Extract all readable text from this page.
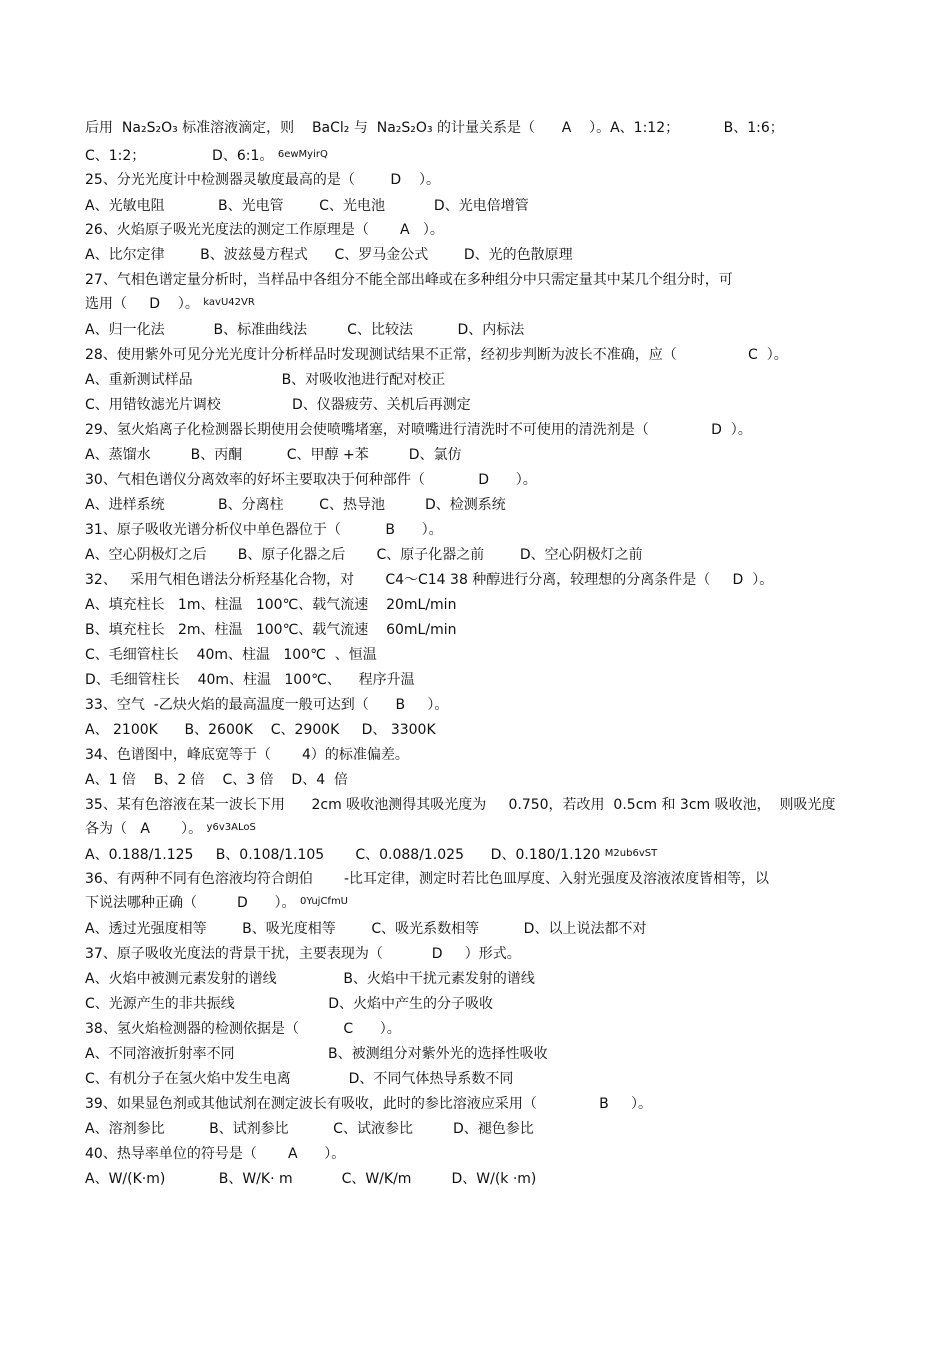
后用  Na₂S₂O₃ 标准溶液滴定，则    BaCl₂ 与  Na₂S₂O₃ 的计量关系是（      A    ）。A、1:12；          B、1:6；
C、1:2；               D、6:1。 $^{6ewMyirQ}$
25、分光光度计中检测器灵敏度最高的是（        D    ）。
A、光敏电阻            B、光电管        C、光电池           D、光电倍增管
26、火焰原子吸光光度法的测定工作原理是（       A   ）。
A、比尔定律        B、波兹曼方程式      C、罗马金公式        D、光的色散原理
27、气相色谱定量分析时，当样品中各组分不能全部出峰或在多种组分中只需定量其中某几个组分时，可
选用（     D    ）。 $^{kavU42VR}$
A、归一化法           B、标准曲线法         C、比较法          D、内标法
28、使用紫外可见分光光度计分析样品时发现测试结果不正常，经初步判断为波长不准确，应（                C  ）。
A、重新测试样品                    B、对吸收池进行配对校正
C、用错钕滤光片调校                D、仪器疲劳、关机后再测定
29、氢火焰离子化检测器长期使用会使喷嘴堵塞，对喷嘴进行清洗时不可使用的清洗剂是（              D  ）。
A、蒸馏水         B、丙酮          C、甲醇 +苯         D、氯仿
30、气相色谱仪分离效率的好坏主要取决于何种部件（            D      ）。
A、进样系统            B、分离柱        C、热导池         D、检测系统
31、原子吸收光谱分析仪中单色器位于（          B      ）。
A、空心阴极灯之后       B、原子化器之后       C、原子化器之前        D、空心阴极灯之前
32、   采用气相色谱法分析羟基化合物，对       C4～C14 38 种醇进行分离，较理想的分离条件是（     D  ）。
A、填充柱长   1m、柱温   100℃、载气流速    20mL/min
B、填充柱长   2m、柱温   100℃、载气流速    60mL/min
C、毛细管柱长    40m、柱温   100℃  、恒温
D、毛细管柱长    40m、柱温   100℃、    程序升温
33、空气  -乙炔火焰的最高温度一般可达到（      B     ）。
A、 2100K      B、2600K    C、2900K     D、 3300K
34、色谱图中，峰底宽等于（       4）的标准偏差。
A、1 倍    B、2 倍    C、3 倍    D、4  倍
35、某有色溶液在某一波长下用      2cm 吸收池测得其吸光度为     0.750，若改用  0.5cm 和 3cm 吸收池，  则吸光度
各为（   A       ）。 $^{y6v3ALoS}$
A、0.188/1.125     B、0.108/1.105       C、0.088/1.025      D、0.180/1.120 $^{M2ub6vST}$
36、有两种不同有色溶液均符合朗伯       -比耳定律，测定时若比色皿厚度、入射光强度及溶液浓度皆相等，以
下说法哪种正确（         D      ）。 $^{0YujCfmU}$
A、透过光强度相等        B、吸光度相等        C、吸光系数相等          D、以上说法都不对
37、原子吸收光度法的背景干扰，主要表现为（           D     ）形式。
A、火焰中被测元素发射的谱线               B、火焰中干扰元素发射的谱线
C、光源产生的非共振线                     D、火焰中产生的分子吸收
38、氢火焰检测器的检测依据是（          C      ）。
A、不同溶液折射率不同                     B、被测组分对紫外光的选择性吸收
C、有机分子在氢火焰中发生电离             D、不同气体热导系数不同
39、如果显色剂或其他试剂在测定波长有吸收，此时的参比溶液应采用（              B     ）。
A、溶剂参比          B、试剂参比          C、试液参比         D、褪色参比
40、热导率单位的符号是（       A      ）。
A、W/(K·m)            B、W/K· m           C、W/K/m         D、W/(k ·m)
